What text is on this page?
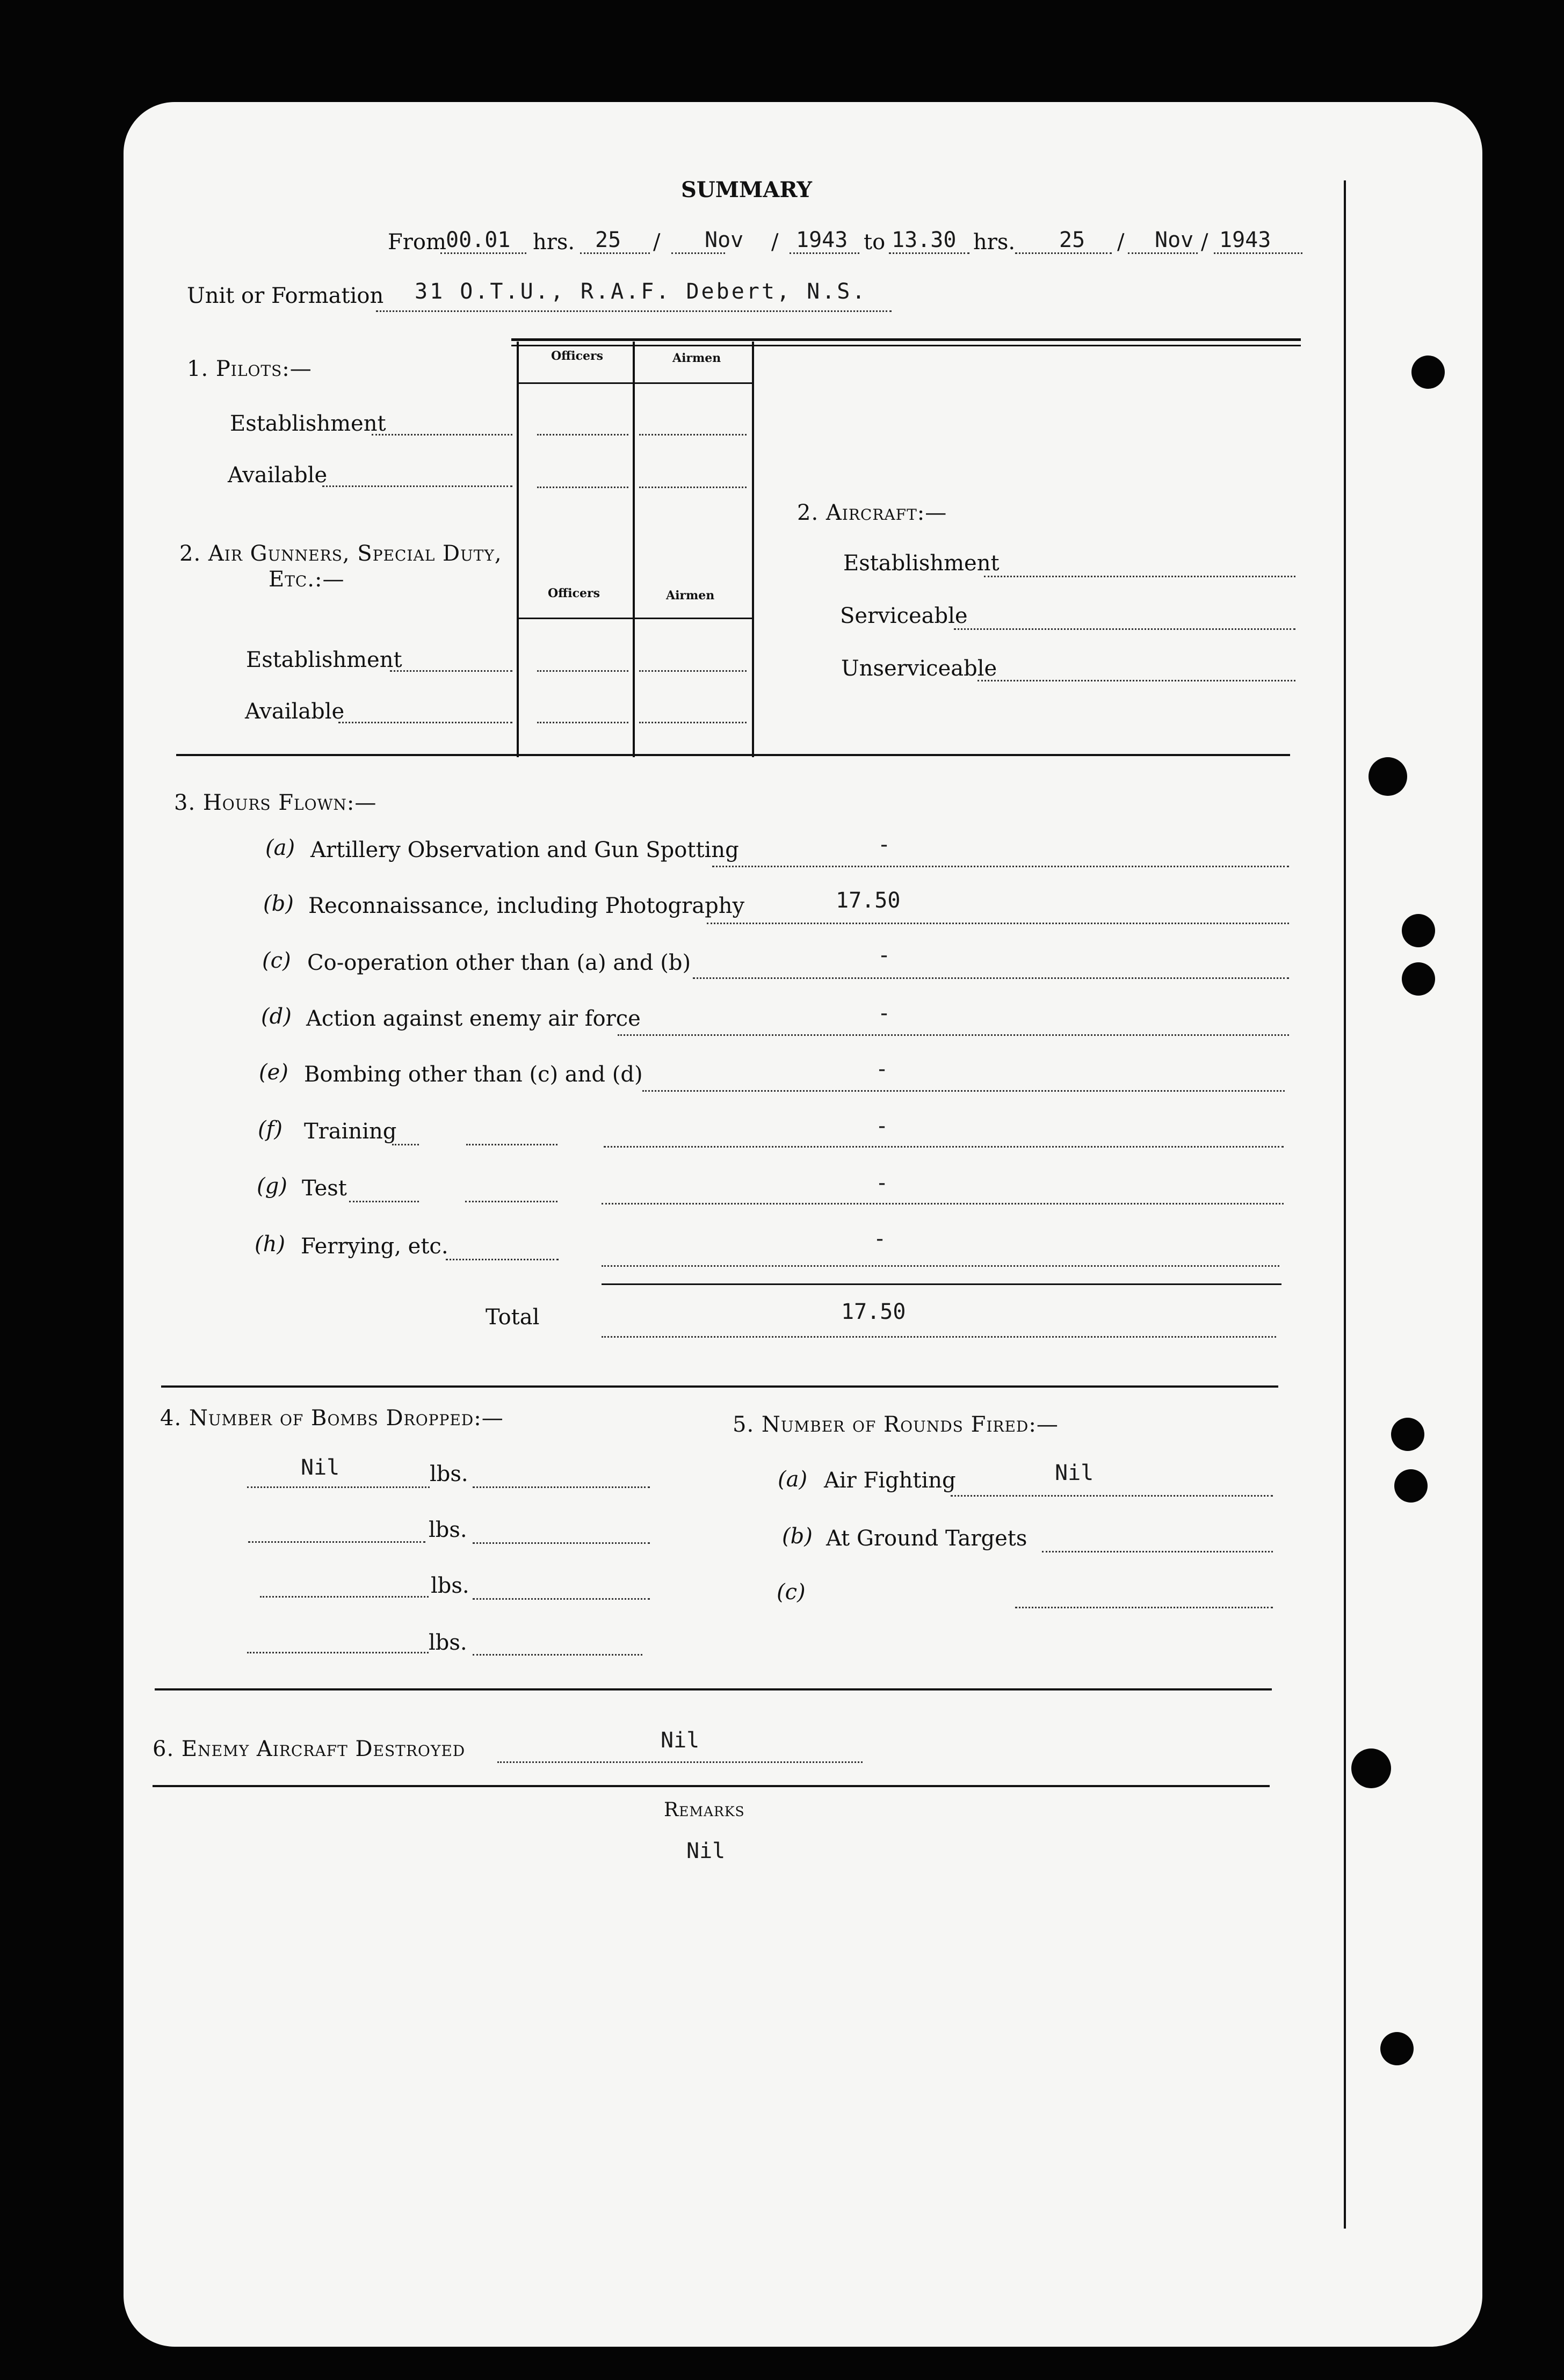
SUMMARY
From 00.01 hrs. 25 / Nov / 1943 to 13.30 hrs. 25 / Nov / 1943
Unit or Formation 31 O.T.U., R.A.F. Debert, N.S.
Officers	Airmen
Officers	Airmen
1. Pilots:—
Establishment
Available
2. Air Gunners, Special Duty,
Etc.:—
Establishment
Available
2. Aircraft:—
Establishment
Serviceable
Unserviceable
3. Hours Flown:—
(a) Artillery Observation and Gun Spotting	-
(b) Reconnaissance, including Photography	17.50
(c) Co-operation other than (a) and (b)	-
(d) Action against enemy air force	-
(e) Bombing other than (c) and (d)	-
(f) Training	-
(g) Test	-
(h) Ferrying, etc.	-
Total	17.50
4. Number of Bombs Dropped:—
Nil	lbs.
lbs.
lbs.
lbs.
5. Number of Rounds Fired:—
(a) Air Fighting	Nil
(b) At Ground Targets
(c)
6. Enemy Aircraft Destroyed	Nil
Remarks
Nil
